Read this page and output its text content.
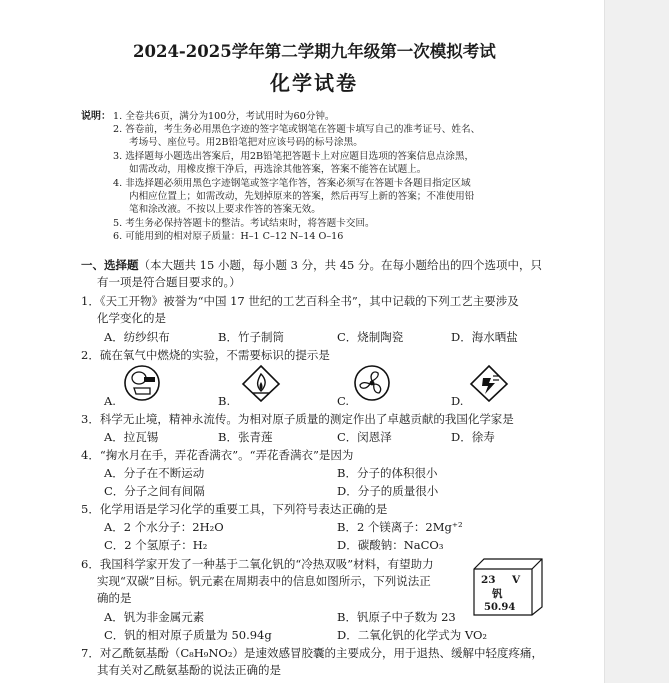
2024-2025学年第二学期九年级第一次模拟考试
化学试卷
说明： 1. 全卷共6页，满分为100分，考试用时为60分钟。
2. 答卷前，考生务必用黑色字迹的签字笔或钢笔在答题卡填写自己的准考证号、姓名、
考场号、座位号。用2B铅笔把对应该号码的标号涂黑。
3. 选择题每小题选出答案后，用2B铅笔把答题卡上对应题目选项的答案信息点涂黑，
如需改动，用橡皮擦干净后，再选涂其他答案，答案不能答在试题上。
4. 非选择题必须用黑色字迹钢笔或签字笔作答，答案必须写在答题卡各题目指定区域
内相应位置上；如需改动，先划掉原来的答案，然后再写上新的答案；不准使用铅
笔和涂改液。不按以上要求作答的答案无效。
5. 考生务必保持答题卡的整洁。考试结束时，将答题卡交回。
6. 可能用到的相对原子质量：H–1 C–12 N–14 O–16
一、选择题（本大题共 15 小题，每小题 3 分，共 45 分。在每小题给出的四个选项中，只
有一项是符合题目要求的。）
1．《天工开物》被誉为“中国 17 世纪的工艺百科全书”，其中记载的下列工艺主要涉及
化学变化的是
A．纺纱织布	B．竹子制筒	C．烧制陶瓷	D．海水晒盐
2．硫在氧气中燃烧的实验，不需要标识的提示是
A.	B.	C.	D.
3．科学无止境，精神永流传。为相对原子质量的测定作出了卓越贡献的我国化学家是
A．拉瓦锡	B．张青莲	C．闵恩泽	D．徐寿
4．“掬水月在手，弄花香满衣”。“弄花香满衣”是因为
A．分子在不断运动	B．分子的体积很小
C．分子之间有间隔	D．分子的质量很小
5．化学用语是学习化学的重要工具，下列符号表达正确的是
A．2 个水分子：2H₂O	B．2 个镁离子：2Mg⁺²
C．2 个氢原子：H₂	D．碳酸钠：NaCO₃
6．我国科学家开发了一种基于二氧化钒的“冷热双吸”材料，有望助力
实现“双碳”目标。钒元素在周期表中的信息如图所示，下列说法正
确的是
23 V
钒
50.94
A．钒为非金属元素	B．钒原子中子数为 23
C．钒的相对原子质量为 50.94g	D．二氧化钒的化学式为 VO₂
7．对乙酰氨基酚（C₈H₉NO₂）是速效感冒胶囊的主要成分，用于退热、缓解中轻度疼痛，
其有关对乙酰氨基酚的说法正确的是
